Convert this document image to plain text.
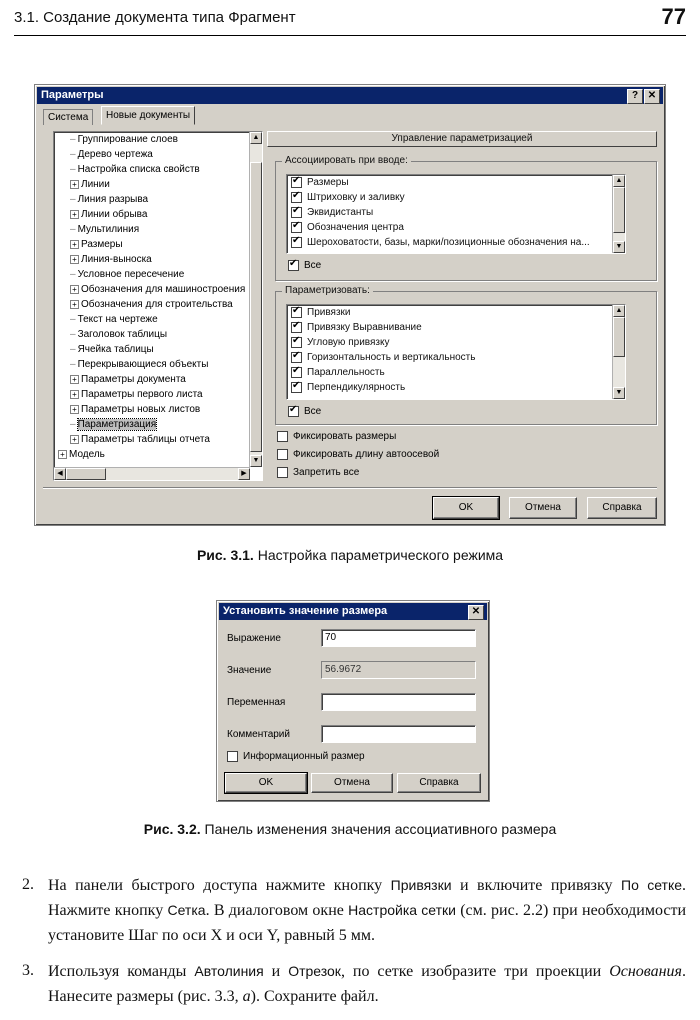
3.1. Создание документа типа Фрагмент	77
Параметры	? ✕
Система	Новые документы
– Группирование слоев
– Дерево чертежа
– Настройка списка свойств
+ Линии
– Линия разрыва
+ Линии обрыва
– Мультилиния
+ Размеры
+ Линия-выноска
– Условное пересечение
+ Обозначения для машиностроения
+ Обозначения для строительства
– Текст на чертеже
– Заголовок таблицы
– Ячейка таблицы
– Перекрывающиеся объекты
+ Параметры документа
+ Параметры первого листа
+ Параметры новых листов
– Параметризация
+ Параметры таблицы отчета
+ Модель
▲
▼
◀	▶
Управление параметризацией
Ассоциировать при вводе:
✔Размеры
✔Штриховку и заливку
✔Эквидистанты
✔Обозначения центра
✔Шероховатости, базы, марки/позиционные обозначения на...
▲
▼
✔Все
Параметризовать:
✔Привязки
✔Привязку Выравнивание
✔Угловую привязку
✔Горизонтальность и вертикальность
✔Параллельность
✔Перпендикулярность
▲
▼
✔Все
Фиксировать размеры
Фиксировать длину автоосевой
Запретить все
OK	Отмена	Справка
Рис. 3.1. Настройка параметрического режима
Установить значение размера	✕
Выражение	70
Значение	56.9672
Переменная
Комментарий
Информационный размер
OK	Отмена	Справка
Рис. 3.2. Панель изменения значения ассоциативного размера
2. На панели быстрого доступа нажмите кнопку Привязки и включите привязку По сетке. Нажмите кнопку Сетка. В диалоговом окне Настройка сетки (см. рис. 2.2) при необходимости установите Шаг по оси X и оси Y, равный 5 мм.
3. Используя команды Автолиния и Отрезок, по сетке изобразите три проекции Основания. Нанесите размеры (рис. 3.3, а). Сохраните файл.
